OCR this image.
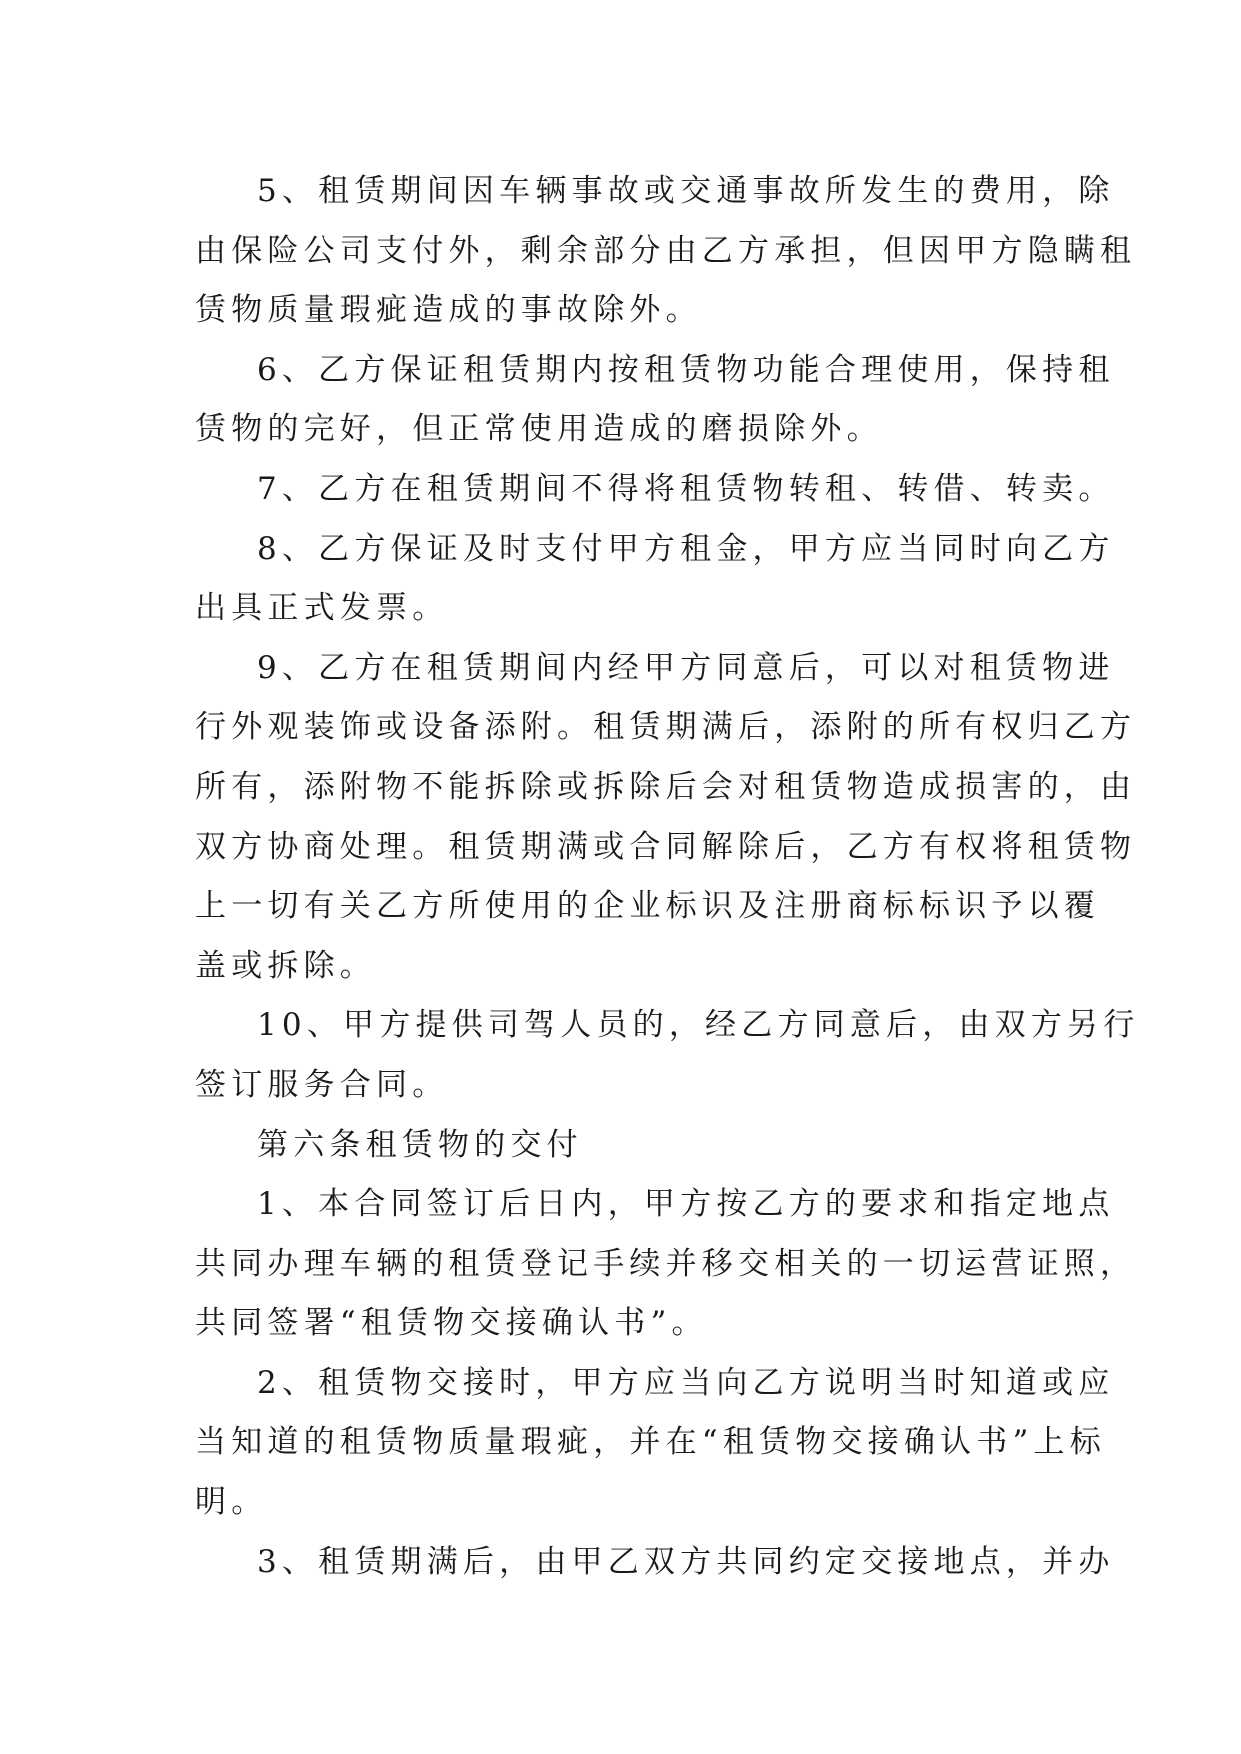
5、租赁期间因车辆事故或交通事故所发生的费用，除
由保险公司支付外，剩余部分由乙方承担，但因甲方隐瞒租
赁物质量瑕疵造成的事故除外。
6、乙方保证租赁期内按租赁物功能合理使用，保持租
赁物的完好，但正常使用造成的磨损除外。
7、乙方在租赁期间不得将租赁物转租、转借、转卖。
8、乙方保证及时支付甲方租金，甲方应当同时向乙方
出具正式发票。
9、乙方在租赁期间内经甲方同意后，可以对租赁物进
行外观装饰或设备添附。租赁期满后，添附的所有权归乙方
所有，添附物不能拆除或拆除后会对租赁物造成损害的，由
双方协商处理。租赁期满或合同解除后，乙方有权将租赁物
上一切有关乙方所使用的企业标识及注册商标标识予以覆
盖或拆除。
10、甲方提供司驾人员的，经乙方同意后，由双方另行
签订服务合同。
第六条租赁物的交付
1、本合同签订后日内，甲方按乙方的要求和指定地点
共同办理车辆的租赁登记手续并移交相关的一切运营证照，
共同签署“租赁物交接确认书”。
2、租赁物交接时，甲方应当向乙方说明当时知道或应
当知道的租赁物质量瑕疵，并在“租赁物交接确认书”上标
明。
3、租赁期满后，由甲乙双方共同约定交接地点，并办
